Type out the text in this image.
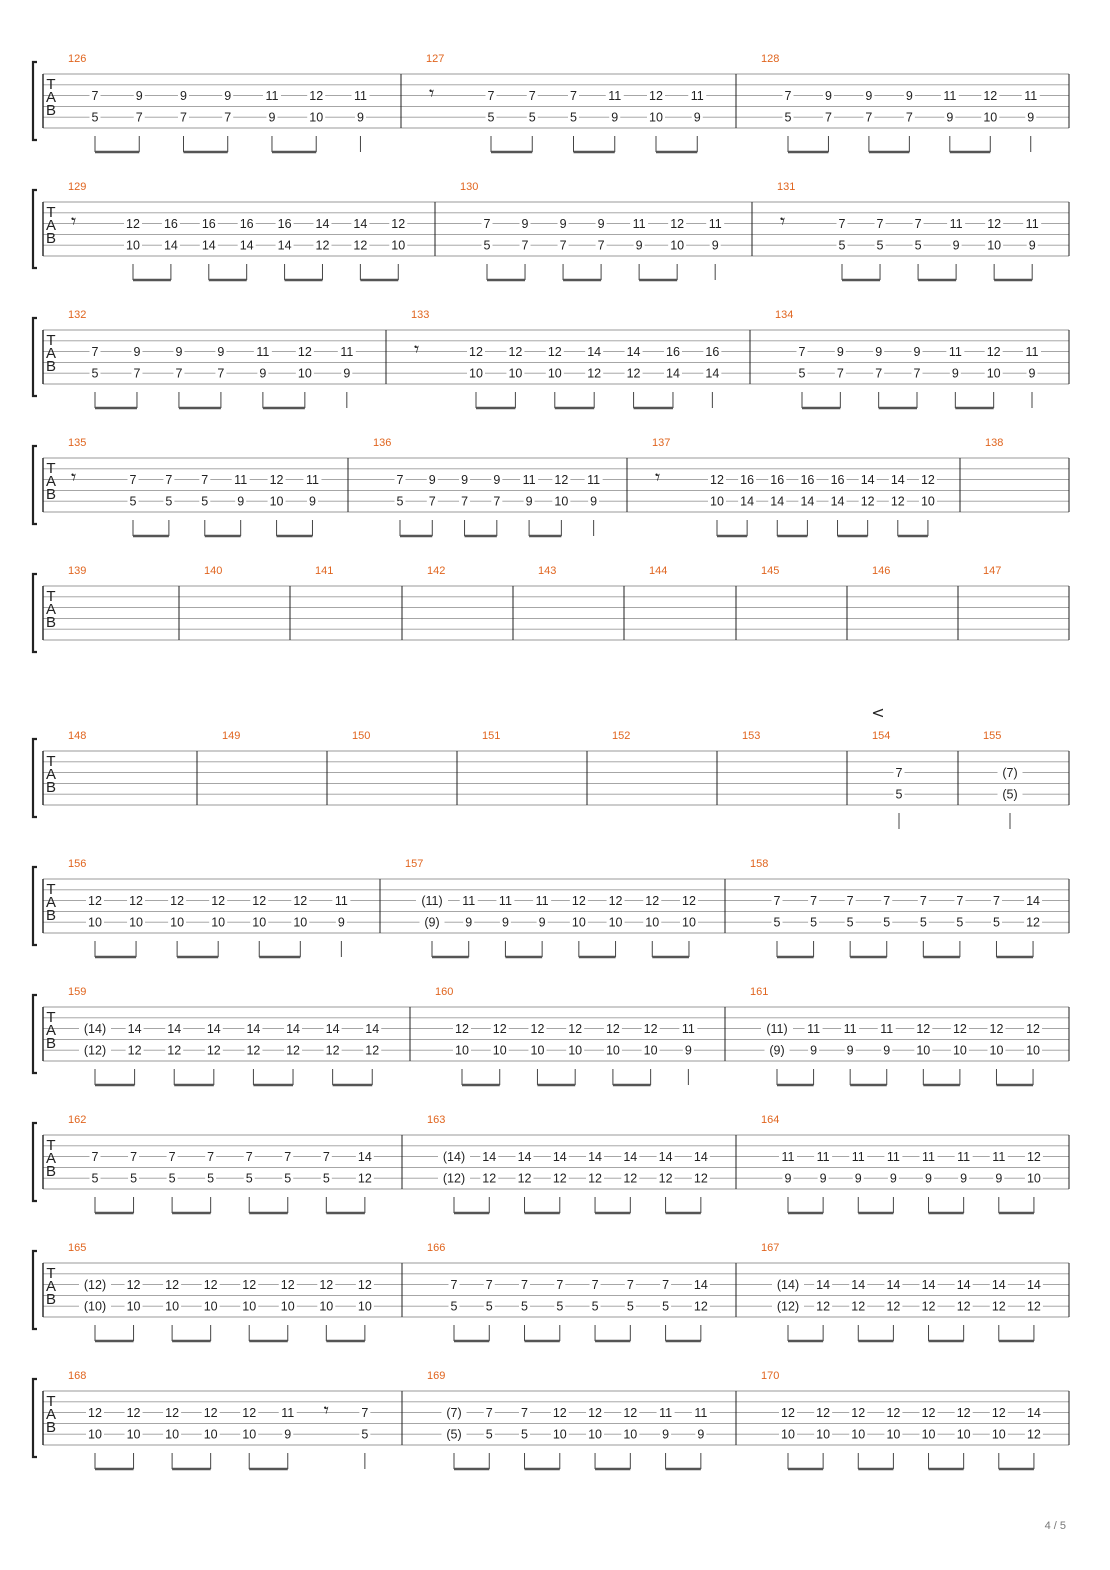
T
A
B
126
7
5
9
7
9
7
9
7
11
9
12
10
11
9
127
𝄾	7
5
7
5
7
5
11
9
12
10
11
9
128
7
5
9
7
9
7
9
7
11
9
12
10
11
9
T
A
B
129
𝄾	12
10
16
14
16
14
16
14
16
14
14
12
14
12
12
10
130
7
5
9
7
9
7
9
7
11
9
12
10
11
9
131
𝄾	7
5
7
5
7
5
11
9
12
10
11
9
T
A
B
132
7
5
9
7
9
7
9
7
11
9
12
10
11
9
133
𝄾	12
10
12
10
12
10
14
12
14
12
16
14
16
14
134
7
5
9
7
9
7
9
7
11
9
12
10
11
9
T
A
B
135
𝄾	7
5
7
5
7
5
11
9
12
10
11
9
136
7
5
9
7
9
7
9
7
11
9
12
10
11
9
137
𝄾	12
10
16
14
16
14
16
14
16
14
14
12
14
12
12
10
138
T
A
B
139	140	141	142	143	144	145	146	147
T
A
B
148	149	150	151	152	153	154
7
5
155
(7)
(5)
T
A
B
156
12
10
12
10
12
10
12
10
12
10
12
10
11
9
157
(11)
(9)
11
9
11
9
11
9
12
10
12
10
12
10
12
10
158
7
5
7
5
7
5
7
5
7
5
7
5
7
5
14
12
T
A
B
159
(14)
(12)
14
12
14
12
14
12
14
12
14
12
14
12
14
12
160
12
10
12
10
12
10
12
10
12
10
12
10
11
9
161
(11)
(9)
11
9
11
9
11
9
12
10
12
10
12
10
12
10
T
A
B
162
7
5
7
5
7
5
7
5
7
5
7
5
7
5
14
12
163
(14)
(12)
14
12
14
12
14
12
14
12
14
12
14
12
14
12
164
11
9
11
9
11
9
11
9
11
9
11
9
11
9
12
10
T
A
B
165
(12)
(10)
12
10
12
10
12
10
12
10
12
10
12
10
12
10
166
7
5
7
5
7
5
7
5
7
5
7
5
7
5
14
12
167
(14)
(12)
14
12
14
12
14
12
14
12
14
12
14
12
14
12
T
A
B
168
12
10
12
10
12
10
12
10
12
10
11
9
𝄾	7
5
169
(7)
(5)
7
5
7
5
12
10
12
10
12
10
11
9
11
9
170
12
10
12
10
12
10
12
10
12
10
12
10
12
10
14
12
<
4 / 5
